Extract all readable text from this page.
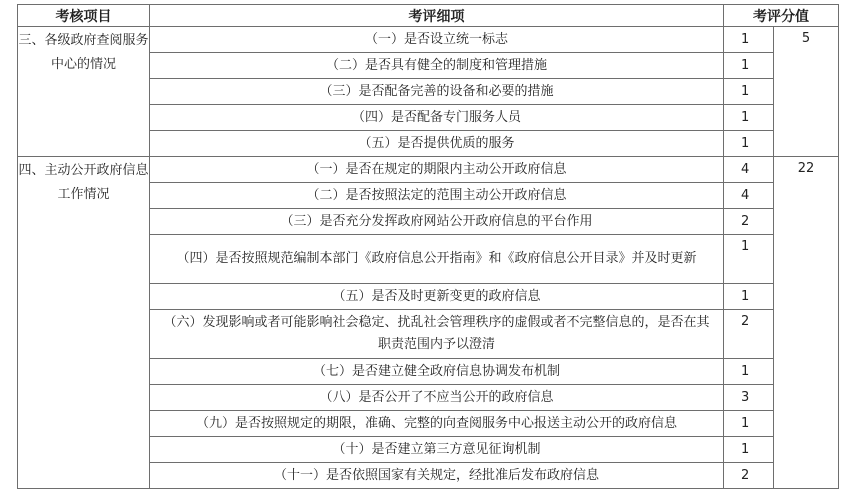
考核项目	考评细项	考评分值	
三、各级政府查阅服务中心的情况	（一）是否设立统一标志	1	5
	（二）是否具有健全的制度和管理措施	1	
	（三）是否配备完善的设备和必要的措施	1	
	（四）是否配备专门服务人员	1	
	（五）是否提供优质的服务	1	
四、主动公开政府信息工作情况	（一）是否在规定的期限内主动公开政府信息	4	22
	（二）是否按照法定的范围主动公开政府信息	4	
	（三）是否充分发挥政府网站公开政府信息的平台作用	2	
	（四）是否按照规范编制本部门《政府信息公开指南》和《政府信息公开目录》并及时更新	1	
	（五）是否及时更新变更的政府信息	1	
	（六）发现影响或者可能影响社会稳定、扰乱社会管理秩序的虚假或者不完整信息的，是否在其职责范围内予以澄清	2	
	（七）是否建立健全政府信息协调发布机制	1	
	（八）是否公开了不应当公开的政府信息	3	
	（九）是否按照规定的期限，准确、完整的向查阅服务中心报送主动公开的政府信息	1	
	（十）是否建立第三方意见征询机制	1	
	（十一）是否依照国家有关规定，经批准后发布政府信息	2	
